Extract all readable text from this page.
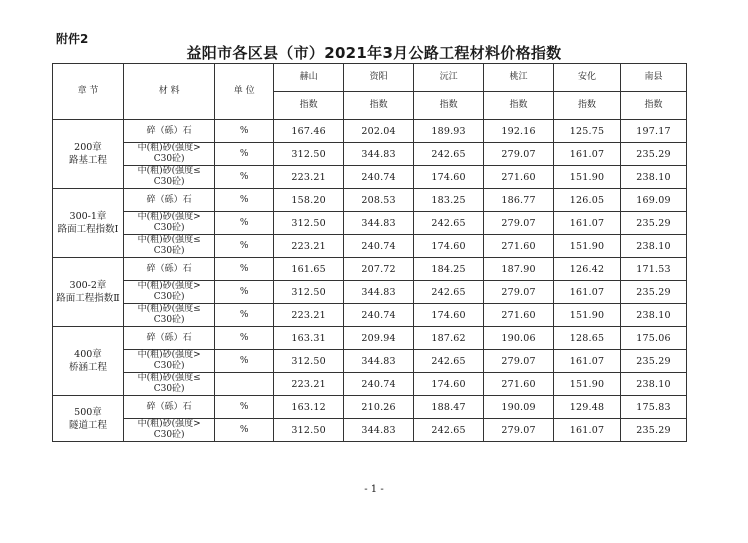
附件2
益阳市各区县（市）2021年3月公路工程材料价格指数
章 节	材 料	单 位	赫山	资阳	沅江	桃江	安化	南县
			指数	指数	指数	指数	指数	指数

200章
路基工程	碎（砾）石	%	167.46	202.04	189.93	192.16	125.75	197.17

	中(粗)砂(强度>
C30砼)	%	312.50	344.83	242.65	279.07	161.07	235.29

	中(粗)砂(强度≤
C30砼)	%	223.21	240.74	174.60	271.60	151.90	238.10

300-1章
路面工程指数Ⅰ	碎（砾）石	%	158.20	208.53	183.25	186.77	126.05	169.09

	中(粗)砂(强度>
C30砼)	%	312.50	344.83	242.65	279.07	161.07	235.29

	中(粗)砂(强度≤
C30砼)	%	223.21	240.74	174.60	271.60	151.90	238.10

300-2章
路面工程指数Ⅱ	碎（砾）石	%	161.65	207.72	184.25	187.90	126.42	171.53

	中(粗)砂(强度>
C30砼)	%	312.50	344.83	242.65	279.07	161.07	235.29

	中(粗)砂(强度≤
C30砼)	%	223.21	240.74	174.60	271.60	151.90	238.10

400章
桥涵工程	碎（砾）石	%	163.31	209.94	187.62	190.06	128.65	175.06

	中(粗)砂(强度>
C30砼)	%	312.50	344.83	242.65	279.07	161.07	235.29

	中(粗)砂(强度≤
C30砼)		223.21	240.74	174.60	271.60	151.90	238.10

500章
隧道工程	碎（砾）石	%	163.12	210.26	188.47	190.09	129.48	175.83

	中(粗)砂(强度>
C30砼)	%	312.50	344.83	242.65	279.07	161.07	235.29
- 1 -
